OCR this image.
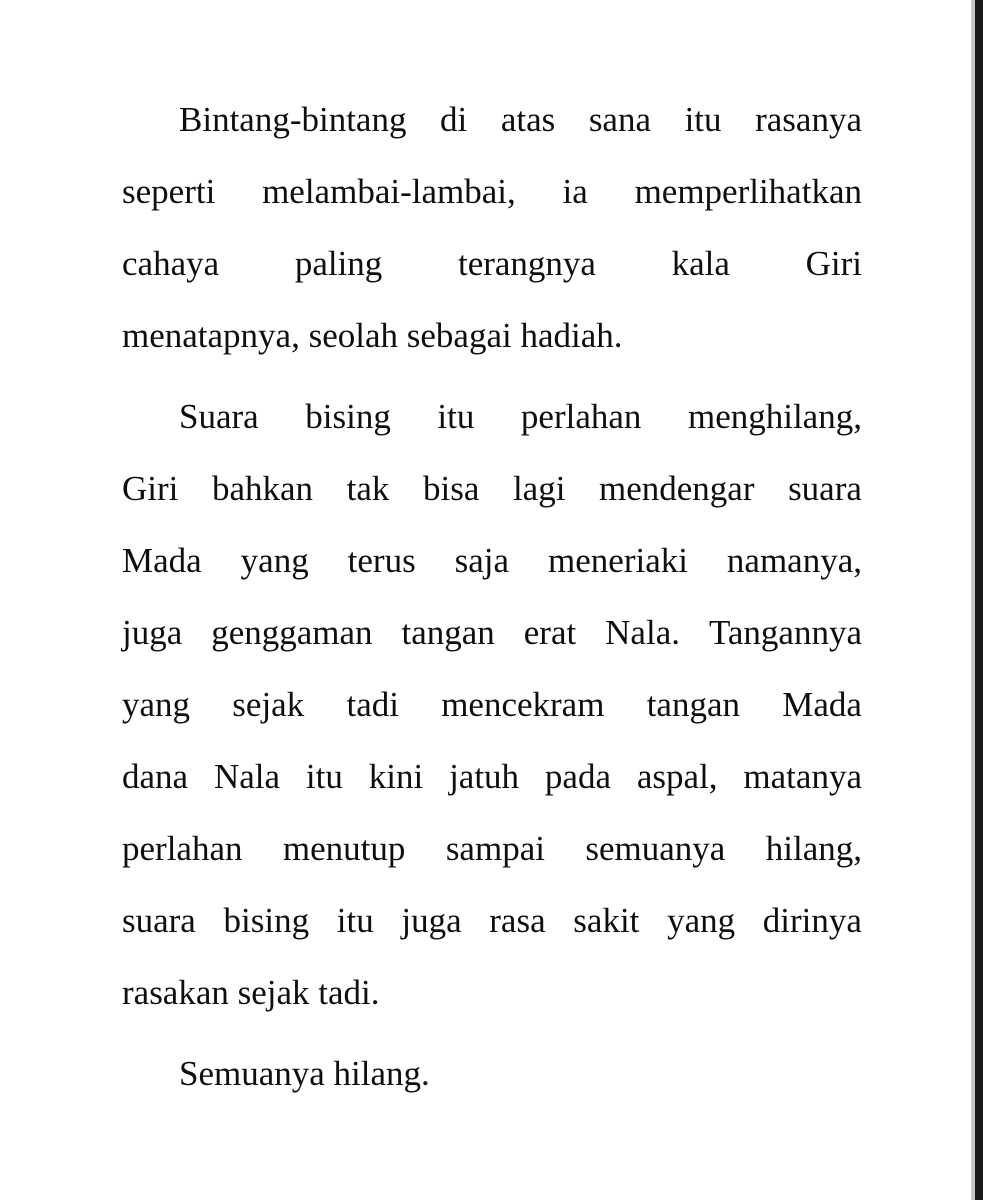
Bintang-bintang di atas sana itu rasanya
seperti melambai-lambai, ia memperlihatkan
cahaya paling terangnya kala Giri
menatapnya, seolah sebagai hadiah.
Suara bising itu perlahan menghilang,
Giri bahkan tak bisa lagi mendengar suara
Mada yang terus saja meneriaki namanya,
juga genggaman tangan erat Nala. Tangannya
yang sejak tadi mencekram tangan Mada
dana Nala itu kini jatuh pada aspal, matanya
perlahan menutup sampai semuanya hilang,
suara bising itu juga rasa sakit yang dirinya
rasakan sejak tadi.
Semuanya hilang.
